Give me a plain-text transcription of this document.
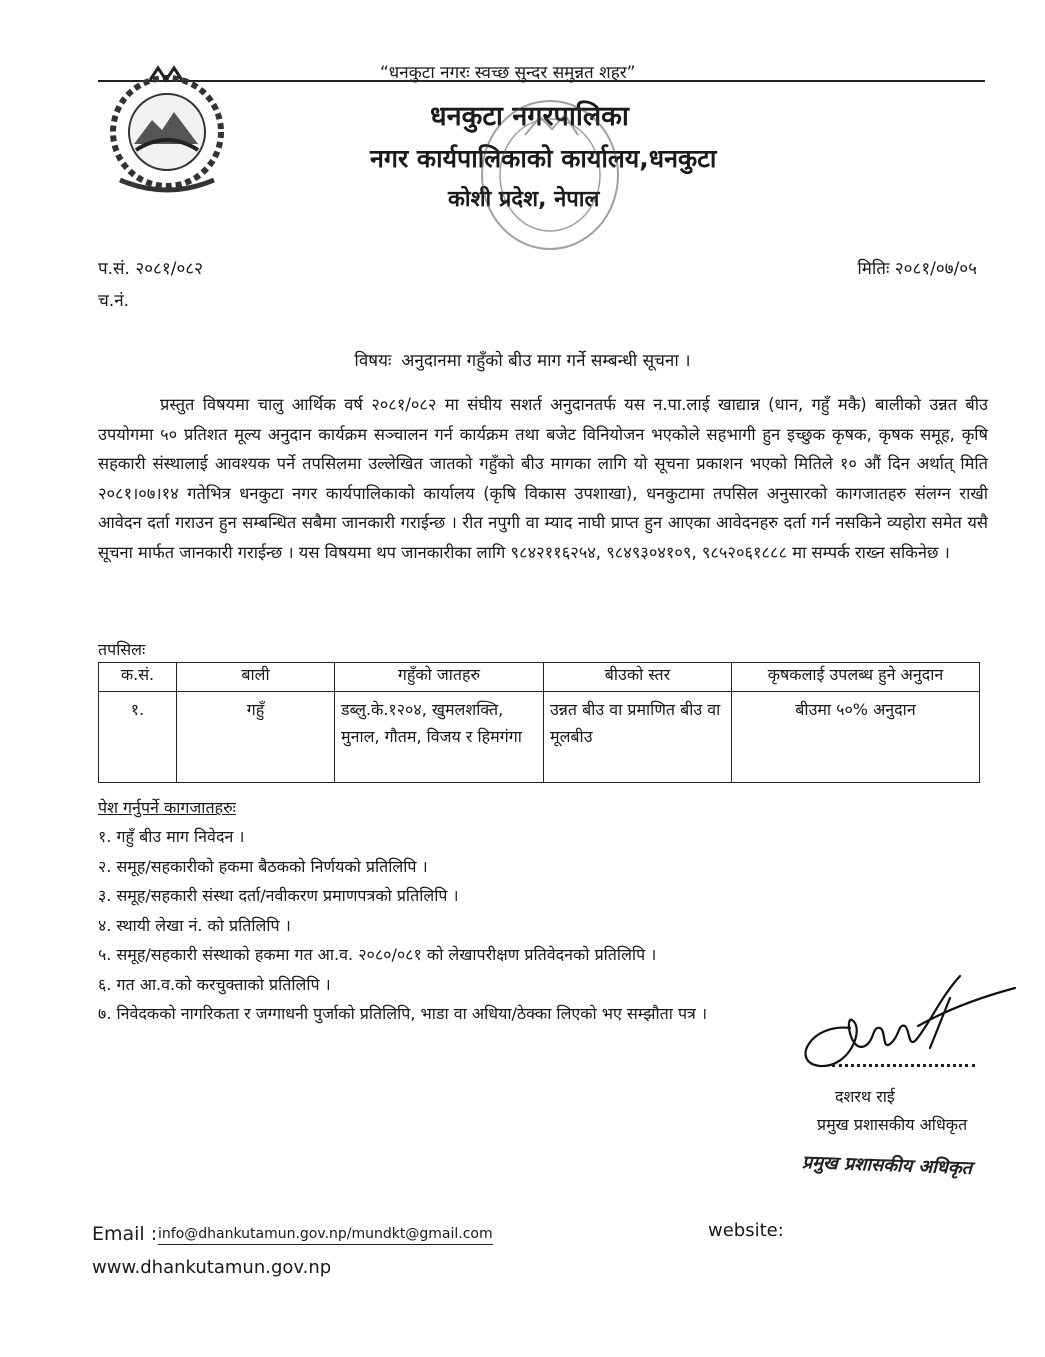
“धनकुटा नगरः स्वच्छ सुन्दर समुन्नत शहर”
धनकुटा नगरपालिका
नगर कार्यपालिकाको कार्यालय,धनकुटा
कोशी प्रदेश, नेपाल
प.सं. २०८१/०८२
च.नं.
मितिः २०८१/०७/०५
विषयः अनुदानमा गहुँको बीउ माग गर्ने सम्बन्धी सूचना ।
प्रस्तुत विषयमा चालु आर्थिक वर्ष २०८१/०८२ मा संघीय सशर्त अनुदानतर्फ यस न.पा.लाई खाद्यान्न (धान, गहुँ मकै) बालीको उन्नत बीउ उपयोगमा ५० प्रतिशत मूल्य अनुदान कार्यक्रम सञ्चालन गर्न कार्यक्रम तथा बजेट विनियोजन भएकोले सहभागी हुन इच्छुक कृषक, कृषक समूह, कृषि सहकारी संस्थालाई आवश्यक पर्ने तपसिलमा उल्लेखित जातको गहुँको बीउ मागका लागि यो सूचना प्रकाशन भएको मितिले १० औं दिन अर्थात् मिति २०८१।०७।१४ गतेभित्र धनकुटा नगर कार्यपालिकाको कार्यालय (कृषि विकास उपशाखा), धनकुटामा तपसिल अनुसारको कागजातहरु संलग्न राखी आवेदन दर्ता गराउन हुन सम्बन्धित सबैमा जानकारी गराईन्छ । रीत नपुगी वा म्याद नाघी प्राप्त हुन आएका आवेदनहरु दर्ता गर्न नसकिने व्यहोरा समेत यसै सूचना मार्फत जानकारी गराईन्छ । यस विषयमा थप जानकारीका लागि ९८४२११६२५४, ९८४९३०४१०९, ९८५२०६१८८८ मा सम्पर्क राख्न सकिनेछ ।
तपसिलः
क.सं.	बाली	गहुँको जातहरु	बीउको स्तर	कृषकलाई उपलब्ध हुने अनुदान
१.	गहुँ	डब्लु.के.१२०४, खुमलशक्ति, मुनाल, गौतम, विजय र हिमगंगा	उन्नत बीउ वा प्रमाणित बीउ वा मूलबीउ	बीउमा ५०% अनुदान
पेश गर्नुपर्ने कागजातहरुः
१. गहुँ बीउ माग निवेदन ।
२. समूह/सहकारीको हकमा बैठकको निर्णयको प्रतिलिपि ।
३. समूह/सहकारी संस्था दर्ता/नवीकरण प्रमाणपत्रको प्रतिलिपि ।
४. स्थायी लेखा नं. को प्रतिलिपि ।
५. समूह/सहकारी संस्थाको हकमा गत आ.व. २०८०/०८१ को लेखापरीक्षण प्रतिवेदनको प्रतिलिपि ।
६. गत आ.व.को करचुक्ताको प्रतिलिपि ।
७. निवेदकको नागरिकता र जग्गाधनी पुर्जाको प्रतिलिपि, भाडा वा अधिया/ठेक्का लिएको भए सम्झौता पत्र ।
दशरथ राई
प्रमुख प्रशासकीय अधिकृत
प्रमुख प्रशासकीय अधिकृत
Email : info@dhankutamun.gov.np/mundkt@gmail.com	website:
www.dhankutamun.gov.np
